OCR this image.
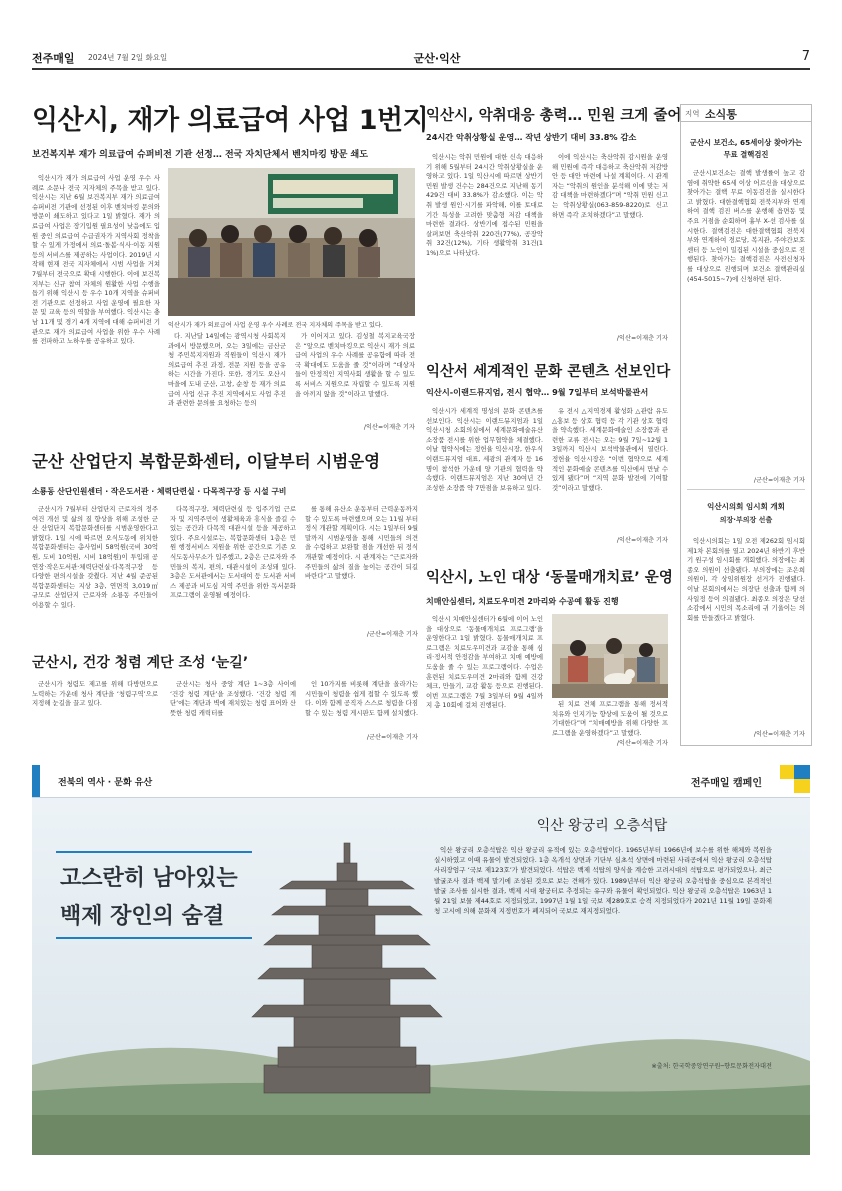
전주매일 2024년 7월 2일 화요일	군산·익산	7
익산시, 재가 의료급여 사업 1번지
보건복지부 재가 의료급여 슈퍼비전 기관 선정… 전국 자치단체서 벤치마킹 방문 쇄도

익산시가 재가 의료급여 사업 운영 우수 사례로 소문나 전국 지자체의 주목을 받고 있다. 익산시는 지난 6월 보건복지부 재가 의료급여 슈퍼비전 기관에 선정된 이후 벤치마킹 문의와 방문이 쇄도하고 있다고 1일 밝혔다. 재가 의료급여 사업은 장기입원 필요성이 낮음에도 입원 중인 의료급여 수급권자가 지역사회 정착을 할 수 있게 가정에서 의료·돌봄·식사·이동 지원 등의 서비스를 제공하는 사업이다. 2019년 시작해 현재 전국 지자체에서 시범 사업을 거쳐 7월부터 전국으로 확대 시행한다. 이에 보건복지부는 신규 참여 자체의 원활한 사업 수행을 돕기 위해 익산시 등 우수 10개 지역을 슈퍼비전 기관으로 선정하고 사업 운영에 필요한 자문 및 교육 등의 역할을 부여했다. 익산시는 충남 11개 및 경기 4개 지역에 대해 슈퍼비전 기관으로 재가 의료급여 사업을 위한 우수 사례를 전파하고 노하우를 공유하고 있다.

익산시가 재가 의료급여 사업 운영 우수 사례로 전국 지자체의 주목을 받고 있다.

다. 지난달 14일에는 광역시청 사회복지과에서 방문했으며, 오는 3일에는 금산군청 주민복지지원과 직원들이 익산시 재가 의료급여 추진 과정, 전문 지원 등을 공유하는 시간을 가진다. 또한, 경기도 오산시 마을에 도내 군산, 고창, 순창 등 재가 의료급여 사업 신규 추진 지역에서도 사업 추진과 관련한 문의를 요청하는 등의

가 이어지고 있다. 김성철 복지교육국장은 “앞으로 벤치마킹으로 익산시 재가 의료급여 사업의 우수 사례를 공유함에 따라 전국 확대에도 도움을 줄 것”이라며 “대상자들이 안정적인 지역사회 생활을 할 수 있도록 서비스 지원으로 자립할 수 있도록 지원을 아끼지 않을 것”이라고 말했다.

/익산=이재춘 기자
익산시, 악취대응 총력… 민원 크게 줄어
24시간 악취상황실 운영… 작년 상반기 대비 33.8% 감소

익산시는 악취 민원에 대한 신속 대응하기 위해 5월부터 24시간 악취상황실을 운영하고 있다. 1일 익산시에 따르면 상반기 민원 발생 건수는 284건으로 지난해 동기 429건 대비 33.8%가 감소했다. 이는 악취 발생 원인·시기를 파악해, 이를 토대로 기간 특성을 고려한 맞춤형 저감 대책을 마련한 결과다. 상반기에 접수된 민원을 살펴보면 축산악취 220건(77%), 공장악취 32건(12%), 기타 생활악취 31건(11%)으로 나타났다.

이에 익산시는 축산악취 감시원을 운영해 민원에 즉각 대응하고 축산악취 저감방안 등 대안 마련에 나설 계획이다. 시 관계자는 “악취의 원인을 분석해 이에 맞는 저감 대책을 마련하겠다”며 “악취 민원 신고는 악취상황실(063-859-8220)로 신고하면 즉각 조치하겠다”고 말했다.

/익산=이재춘 기자
지역 소식통
군산시 보건소, 65세이상 찾아가는 무료 결핵검진

군산시보건소는 결핵 발생률이 높고 감염에 취약한 65세 이상 어르신을 대상으로 찾아가는 결핵 무료 이동검진을 실시한다고 밝혔다. 대한결핵협회 전북지부와 연계하여 결핵 검진 버스를 운행해 읍면동 및 주요 거점을 순회하며 흉부 X-선 검사를 실시한다. 결핵검진은 대한결핵협회 전북지부와 연계하여 경로당, 복지관, 주야간보호센터 등 노인이 밀집된 시설을 중심으로 진행된다. 찾아가는 결핵검진은 사전신청자를 대상으로 진행되며 보건소 결핵관리실(454-5015~7)에 신청하면 된다.

/군산=이재춘 기자
익산시의회 임시회 개회
의장·부의장 선출

익산시의회는 1일 오전 제262회 임시회 제1차 본회의를 열고 2024년 하반기 후반기 원구성 임시회를 개회했다. 의장에는 최종오 의원이 선출됐다. 부의장에는 조은희 의원이, 각 상임위원장 선거가 진행됐다. 이날 본회의에서는 의장단 선출과 함께 의사일정 등이 의결됐다. 최종오 의장은 당선 소감에서 시민의 목소리에 귀 기울이는 의회를 만들겠다고 밝혔다.

/익산=이재춘 기자
익산서 세계적인 문화 콘텐츠 선보인다
익산시-이랜드뮤지엄, 전시 협약… 9월 7일부터 보석박물관서

익산시가 세계적 명성의 문화 콘텐츠를 선보인다. 익산시는 이랜드뮤지엄과 1일 익산시청 소회의실에서 세계문화예술유산 소장품 전시를 위한 업무협약을 체결했다. 이날 협약식에는 정헌율 익산시장, 한우식 이랜드뮤지엄 대표, 세광의 관계자 등 16명이 참석한 가운데 양 기관의 협력을 약속했다. 이랜드뮤지엄은 지난 30여년 간 조성한 소장품 약 7만점을 보유하고 있다.

유 전시 △지역경제 활성화 △관람 유도 △홍보 등 상호 협력 등 각 기관 상호 협력을 약속했다. 세계문화예술인 소장품과 관련한 교류 전시는 오는 9월 7일~12월 13일까지 익산시 보석박물관에서 열린다. 정헌율 익산시장은 “이번 협약으로 세계적인 문화예술 콘텐츠를 익산에서 만날 수 있게 됐다”며 “지역 문화 발전에 기여할 것”이라고 말했다.

/익산=이재춘 기자
군산 산업단지 복합문화센터, 이달부터 시범운영
소룡동 산단인원센터 · 작은도서관 · 체력단련실 · 다목적구장 등 시설 구비

군산시가 7월부터 산업단지 근로자의 정주여건 개선 및 삶의 질 향상을 위해 조성한 군산 산업단지 복합문화센터를 시범운영한다고 밝혔다. 1일 시에 따르면 오식도동에 위치한 복합문화센터는 총사업비 58억원(국비 30억원, 도비 10억원, 시비 18억원)이 투입돼 공연장·작은도서관·체력단련실·다목적구장 등 다양한 편의시설을 갖췄다. 지난 4월 준공된 복합문화센터는 지상 3층, 연면적 3,019㎡ 규모로 산업단지 근로자와 소룡동 주민들이 이용할 수 있다.

다목적구장, 체력단련실 등 입주기업 근로자 및 지역주민이 생활체육과 휴식을 즐길 수 있는 공간과 다목적 대관시설 등을 제공하고 있다. 주요시설로는, 복합문화센터 1층은 민원 행정서비스 지원을 위한 공간으로 기존 오식도동사무소가 입주했고, 2층은 근로자와 주민들의 복지, 편의, 대관시설이 조성돼 있다. 3층은 도서관에서는 도서대여 등 도서관 서비스 제공과 비도심 지역 주민을 위한 독서문화 프로그램이 운영될 예정이다.

를 통해 유산소 운동부터 근력운동까지 할 수 있도록 마련했으며 오는 11월 부터 정식 개관할 계획이다. 시는 1일부터 9월 말까지 시범운영을 통해 시민들의 의견을 수렴하고 보완할 점을 개선한 뒤 정식 개관할 예정이다. 시 관계자는 “근로자와 주민들의 삶의 질을 높이는 공간이 되길 바란다”고 말했다.

/군산=이재춘 기자
익산시, 노인 대상 ‘동물매개치료’ 운영
치매안심센터, 치료도우미견 2마리와 수공예 활동 진행

익산시 치매안심센터가 6월에 이어 노인을 대상으로 ‘동물매개치료 프로그램’을 운영한다고 1일 밝혔다. 동물매개치료 프로그램은 치료도우미견과 교감을 통해 심리·정서적 안정감을 부여하고 치매 예방에 도움을 줄 수 있는 프로그램이다. 수업은 훈련된 치료도우미견 2마리와 함께 건강 체크, 만들기, 교감 활동 등으로 진행된다. 이번 프로그램은 7월 3일부터 9월 4일까지 총 10회에 걸쳐 진행된다.	된 치료 견체 프로그램을 통해 정서적 치유와 인지기능 향상에 도움이 될 것으로 기대한다”며 “치매예방을 위해 다양한 프로그램을 운영하겠다”고 말했다.

/익산=이재춘 기자
군산시, 건강 청렴 계단 조성 ‘눈길’

군산시가 청렴도 제고를 위해 다방면으로 노력하는 가운데 청사 계단을 ‘청렴구역’으로 지정해 눈길을 끌고 있다.

군산시는 청사 중앙 계단 1~3층 사이에 ‘건강 청렴 계단’을 조성했다. ‘건강 청렴 계단’에는 계단과 벽에 재치있는 청렴 표어와 산뜻한 청렴 캐릭터를

인 10가지를 비롯해 계단을 올라가는 시민들이 청렴을 쉽게 접할 수 있도록 했다. 이와 함께 공직자 스스로 청렴을 다짐할 수 있는 청렴 게시판도 함께 설치했다.

/군산=이재춘 기자
전북의 역사 · 문화 유산	전주매일 캠페인
고스란히 남아있는
백제 장인의 숨결
익산 왕궁리 오층석탑

익산 왕궁리 오층석탑은 익산 왕궁리 유적에 있는 오층석탑이다. 1965년부터 1966년에 보수를 위한 해체와 복원을 실시하였고 이때 유물이 발견되었다. 1층 옥개석 상면과 기단부 심초석 상면에 마련된 사리공에서 익산 왕궁리 오층석탑 사리장엄구 ‘국보 제123호’가 발견되었다. 석탑은 백제 석탑의 양식을 계승한 고려시대의 석탑으로 평가되었으나, 최근 발굴조사 결과 백제 말기에 조성된 것으로 보는 견해가 있다. 1989년부터 익산 왕궁리 오층석탑을 중심으로 본격적인 발굴 조사를 실시한 결과, 백제 시대 왕궁터로 추정되는 유구와 유물이 확인되었다. 익산 왕궁리 오층석탑은 1963년 1월 21일 보물 제44호로 지정되었고, 1997년 1월 1일 국보 제289호로 승격 지정되었다가 2021년 11월 19일 문화재청 고시에 의해 문화재 지정번호가 폐지되어 국보로 재지정되었다.

※출처: 한국학중앙연구원─향토문화전자대전
